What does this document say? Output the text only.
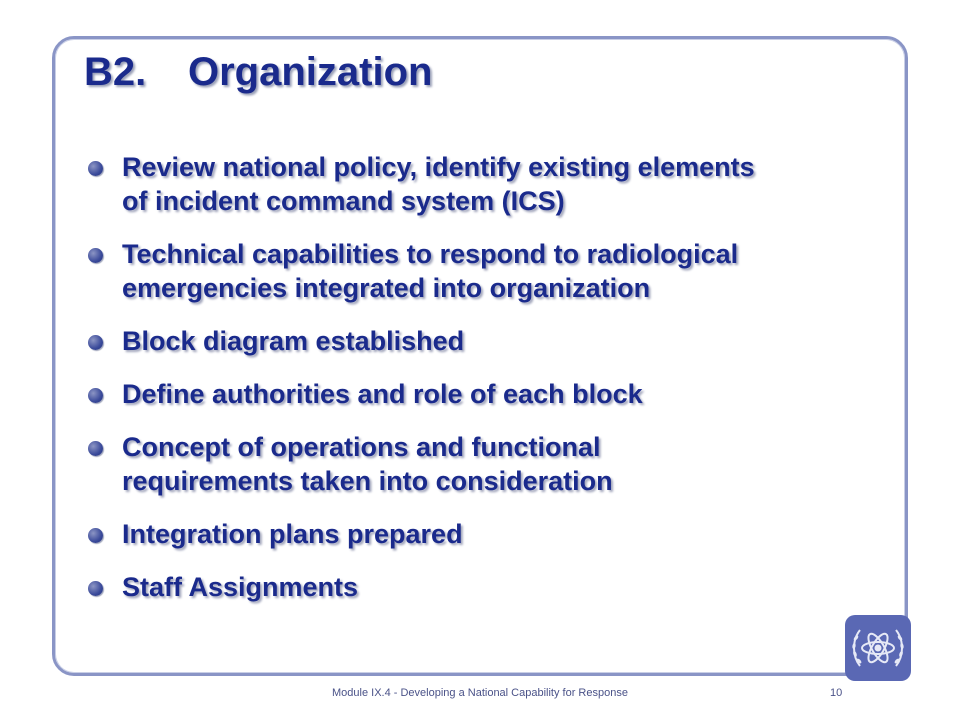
B2. Organization
Review national policy, identify existing elements
of incident command system (ICS)
Technical capabilities to respond to radiological
emergencies integrated into organization
Block diagram established
Define authorities and role of each block
Concept of operations and functional
requirements taken into consideration
Integration plans prepared
Staff Assignments
Module IX.4 - Developing a National Capability for Response	10
